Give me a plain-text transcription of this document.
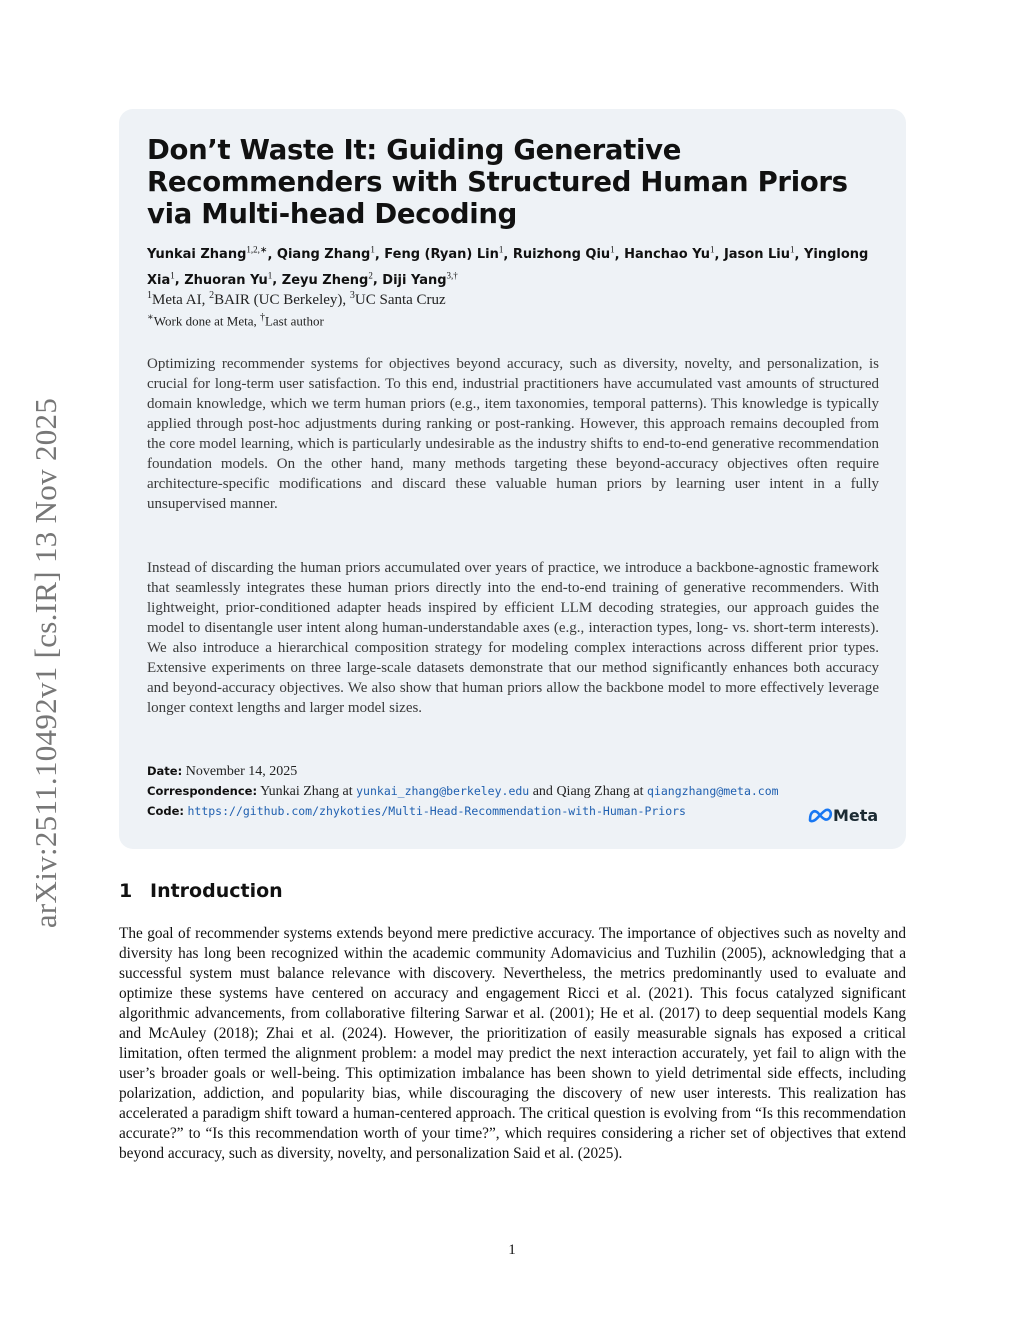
arXiv:2511.10492v1 [cs.IR] 13 Nov 2025
Don’t Waste It: Guiding Generative Recommenders with Structured Human Priors via Multi-head Decoding
Yunkai Zhang$^{1,2,∗}$, Qiang Zhang$^1$, Feng (Ryan) Lin$^1$, Ruizhong Qiu$^1$, Hanchao Yu$^1$, Jason Liu$^1$, Yinglong Xia$^1$, Zhuoran Yu$^1$, Zeyu Zheng$^2$, Diji Yang$^{3,\dagger}$
$^1$Meta AI, $^2$BAIR (UC Berkeley), $^3$UC Santa Cruz
∗Work done at Meta, †Last author

Optimizing recommender systems for objectives beyond accuracy, such as diversity, novelty, and personalization, is crucial for long-term user satisfaction. To this end, industrial practitioners have accumulated vast amounts of structured domain knowledge, which we term human priors (e.g., item taxonomies, temporal patterns). This knowledge is typically applied through post-hoc adjustments during ranking or post-ranking. However, this approach remains decoupled from the core model learning, which is particularly undesirable as the industry shifts to end-to-end generative recommendation foundation models. On the other hand, many methods targeting these beyond-accuracy objectives often require architecture-specific modifications and discard these valuable human priors by learning user intent in a fully unsupervised manner.

Instead of discarding the human priors accumulated over years of practice, we introduce a backbone-agnostic framework that seamlessly integrates these human priors directly into the end-to-end training of generative recommenders. With lightweight, prior-conditioned adapter heads inspired by efficient LLM decoding strategies, our approach guides the model to disentangle user intent along human-understandable axes (e.g., interaction types, long- vs. short-term interests). We also introduce a hierarchical composition strategy for modeling complex interactions across different prior types. Extensive experiments on three large-scale datasets demonstrate that our method significantly enhances both accuracy and beyond-accuracy objectives. We also show that human priors allow the backbone model to more effectively leverage longer context lengths and larger model sizes.

Date: November 14, 2025
Correspondence: Yunkai Zhang at yunkai_zhang@berkeley.edu and Qiang Zhang at qiangzhang@meta.com
Code: https://github.com/zhykoties/Multi-Head-Recommendation-with-Human-Priors	Meta
1 Introduction

The goal of recommender systems extends beyond mere predictive accuracy. The importance of objectives such as novelty and diversity has long been recognized within the academic community Adomavicius and Tuzhilin (2005), acknowledging that a successful system must balance relevance with discovery. Nevertheless, the metrics predominantly used to evaluate and optimize these systems have centered on accuracy and engagement Ricci et al. (2021). This focus catalyzed significant algorithmic advancements, from collaborative filtering Sarwar et al. (2001); He et al. (2017) to deep sequential models Kang and McAuley (2018); Zhai et al. (2024). However, the prioritization of easily measurable signals has exposed a critical limitation, often termed the alignment problem: a model may predict the next interaction accurately, yet fail to align with the user’s broader goals or well-being. This optimization imbalance has been shown to yield detrimental side effects, including polarization, addiction, and popularity bias, while discouraging the discovery of new user interests. This realization has accelerated a paradigm shift toward a human-centered approach. The critical question is evolving from “Is this recommendation accurate?” to “Is this recommendation worth of your time?”, which requires considering a richer set of objectives that extend beyond accuracy, such as diversity, novelty, and personalization Said et al. (2025).

1
